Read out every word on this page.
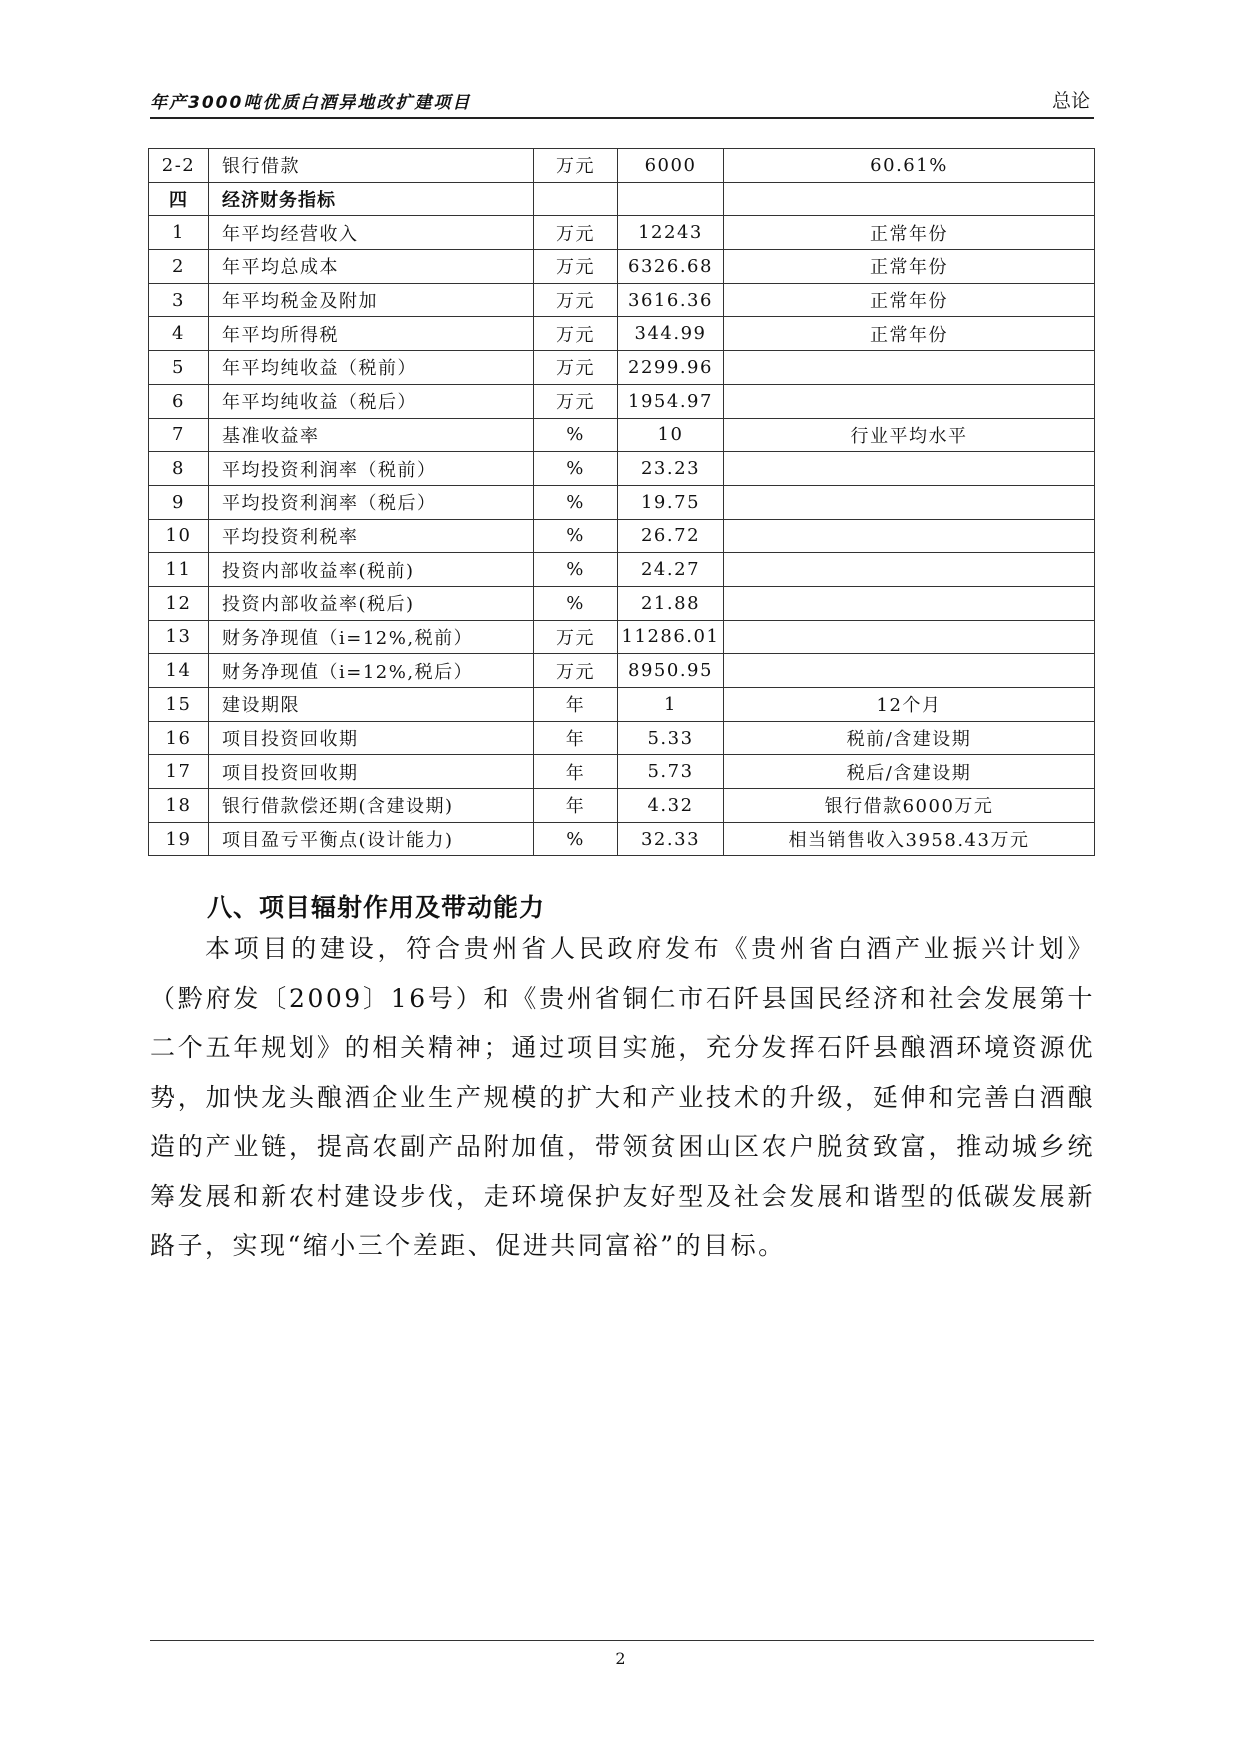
年产3000吨优质白酒异地改扩建项目	总论
2-2	银行借款	万元	6000	60.61%
四	经济财务指标			
1	年平均经营收入	万元	12243	正常年份
2	年平均总成本	万元	6326.68	正常年份
3	年平均税金及附加	万元	3616.36	正常年份
4	年平均所得税	万元	344.99	正常年份
5	年平均纯收益（税前）	万元	2299.96	
6	年平均纯收益（税后）	万元	1954.97	
7	基准收益率	%	10	行业平均水平
8	平均投资利润率（税前）	%	23.23	
9	平均投资利润率（税后）	%	19.75	
10	平均投资利税率	%	26.72	
11	投资内部收益率(税前)	%	24.27	
12	投资内部收益率(税后)	%	21.88	
13	财务净现值（i=12%,税前）	万元	11286.01	
14	财务净现值（i=12%,税后）	万元	8950.95	
15	建设期限	年	1	12个月
16	项目投资回收期	年	5.33	税前/含建设期
17	项目投资回收期	年	5.73	税后/含建设期
18	银行借款偿还期(含建设期)	年	4.32	银行借款6000万元
19	项目盈亏平衡点(设计能力)	%	32.33	相当销售收入3958.43万元
八、项目辐射作用及带动能力

本项目的建设，符合贵州省人民政府发布《贵州省白酒产业振兴计划》（黔府发〔2009〕16号）和《贵州省铜仁市石阡县国民经济和社会发展第十二个五年规划》的相关精神；通过项目实施，充分发挥石阡县酿酒环境资源优势，加快龙头酿酒企业生产规模的扩大和产业技术的升级，延伸和完善白酒酿造的产业链，提高农副产品附加值，带领贫困山区农户脱贫致富，推动城乡统筹发展和新农村建设步伐，走环境保护友好型及社会发展和谐型的低碳发展新路子，实现“缩小三个差距、促进共同富裕”的目标。

2
